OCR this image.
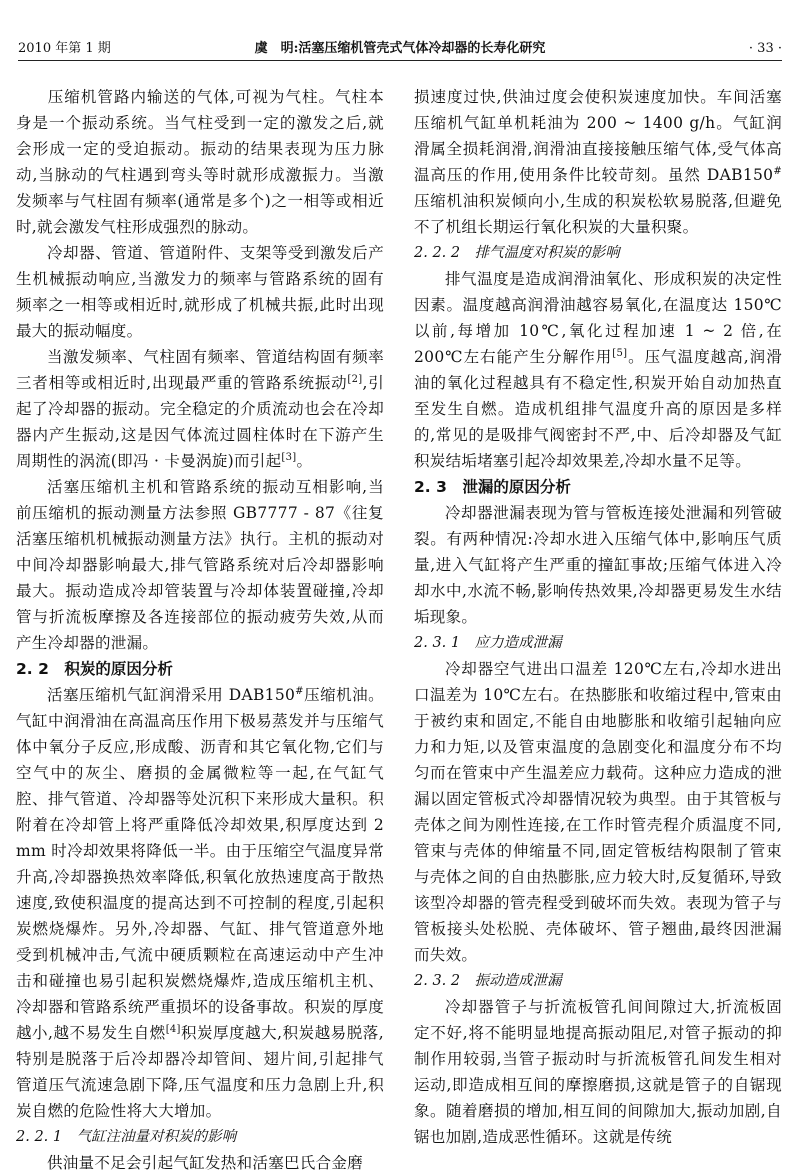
2010 年第 1 期	虞　明:活塞压缩机管壳式气体冷却器的长寿化研究	· 33 ·

压缩机管路内输送的气体,可视为气柱。气柱本身是一个振动系统。当气柱受到一定的激发之后,就会形成一定的受迫振动。振动的结果表现为压力脉动,当脉动的气柱遇到弯头等时就形成激振力。当激发频率与气柱固有频率(通常是多个)之一相等或相近时,就会激发气柱形成强烈的脉动。

冷却器、管道、管道附件、支架等受到激发后产生机械振动响应,当激发力的频率与管路系统的固有频率之一相等或相近时,就形成了机械共振,此时出现最大的振动幅度。

当激发频率、气柱固有频率、管道结构固有频率三者相等或相近时,出现最严重的管路系统振动[2],引起了冷却器的振动。完全稳定的介质流动也会在冷却器内产生振动,这是因气体流过圆柱体时在下游产生周期性的涡流(即冯 · 卡曼涡旋)而引起[3]。

活塞压缩机主机和管路系统的振动互相影响,当前压缩机的振动测量方法参照 GB7777 - 87《往复活塞压缩机机械振动测量方法》执行。主机的振动对中间冷却器影响最大,排气管路系统对后冷却器影响最大。振动造成冷却管装置与冷却体装置碰撞,冷却管与折流板摩擦及各连接部位的振动疲劳失效,从而产生冷却器的泄漏。

2. 2　积炭的原因分析

活塞压缩机气缸润滑采用 DAB150#压缩机油。气缸中润滑油在高温高压作用下极易蒸发并与压缩气体中氧分子反应,形成酸、沥青和其它氧化物,它们与空气中的灰尘、磨损的金属微粒等一起,在气缸气腔、排气管道、冷却器等处沉积下来形成大量积。积附着在冷却管上将严重降低冷却效果,积厚度达到 2 mm 时冷却效果将降低一半。由于压缩空气温度异常升高,冷却器换热效率降低,积氧化放热速度高于散热速度,致使积温度的提高达到不可控制的程度,引起积炭燃烧爆炸。另外,冷却器、气缸、排气管道意外地受到机械冲击,气流中硬质颗粒在高速运动中产生冲击和碰撞也易引起积炭燃烧爆炸,造成压缩机主机、冷却器和管路系统严重损坏的设备事故。积炭的厚度越小,越不易发生自燃[4]积炭厚度越大,积炭越易脱落,特别是脱落于后冷却器冷却管间、翅片间,引起排气管道压气流速急剧下降,压气温度和压力急剧上升,积炭自燃的危险性将大大增加。

2. 2. 1　气缸注油量对积炭的影响

供油量不足会引起气缸发热和活塞巴氏合金磨

损速度过快,供油过度会使积炭速度加快。车间活塞压缩机气缸单机耗油为 200 ~ 1400 g/h。气缸润滑属全损耗润滑,润滑油直接接触压缩气体,受气体高温高压的作用,使用条件比较苛刻。虽然 DAB150#压缩机油积炭倾向小,生成的积炭松软易脱落,但避免不了机组长期运行氧化积炭的大量积聚。

2. 2. 2　排气温度对积炭的影响

排气温度是造成润滑油氧化、形成积炭的决定性因素。温度越高润滑油越容易氧化,在温度达 150℃以前,每增加 10℃,氧化过程加速 1 ~ 2 倍,在 200℃左右能产生分解作用[5]。压气温度越高,润滑油的氧化过程越具有不稳定性,积炭开始自动加热直至发生自燃。造成机组排气温度升高的原因是多样的,常见的是吸排气阀密封不严,中、后冷却器及气缸积炭结垢堵塞引起冷却效果差,冷却水量不足等。

2. 3　泄漏的原因分析

冷却器泄漏表现为管与管板连接处泄漏和列管破裂。有两种情况:冷却水进入压缩气体中,影响压气质量,进入气缸将产生严重的撞缸事故;压缩气体进入冷却水中,水流不畅,影响传热效果,冷却器更易发生水结垢现象。

2. 3. 1　应力造成泄漏

冷却器空气进出口温差 120℃左右,冷却水进出口温差为 10℃左右。在热膨胀和收缩过程中,管束由于被约束和固定,不能自由地膨胀和收缩引起轴向应力和力矩,以及管束温度的急剧变化和温度分布不均匀而在管束中产生温差应力载荷。这种应力造成的泄漏以固定管板式冷却器情况较为典型。由于其管板与壳体之间为刚性连接,在工作时管壳程介质温度不同,管束与壳体的伸缩量不同,固定管板结构限制了管束与壳体之间的自由热膨胀,应力较大时,反复循环,导致该型冷却器的管壳程受到破坏而失效。表现为管子与管板接头处松脱、壳体破坏、管子翘曲,最终因泄漏而失效。

2. 3. 2　振动造成泄漏

冷却器管子与折流板管孔间间隙过大,折流板固定不好,将不能明显地提高振动阻尼,对管子振动的抑制作用较弱,当管子振动时与折流板管孔间发生相对运动,即造成相互间的摩擦磨损,这就是管子的自锯现象。随着磨损的增加,相互间的间隙加大,振动加剧,自锯也加剧,造成恶性循环。这就是传统
